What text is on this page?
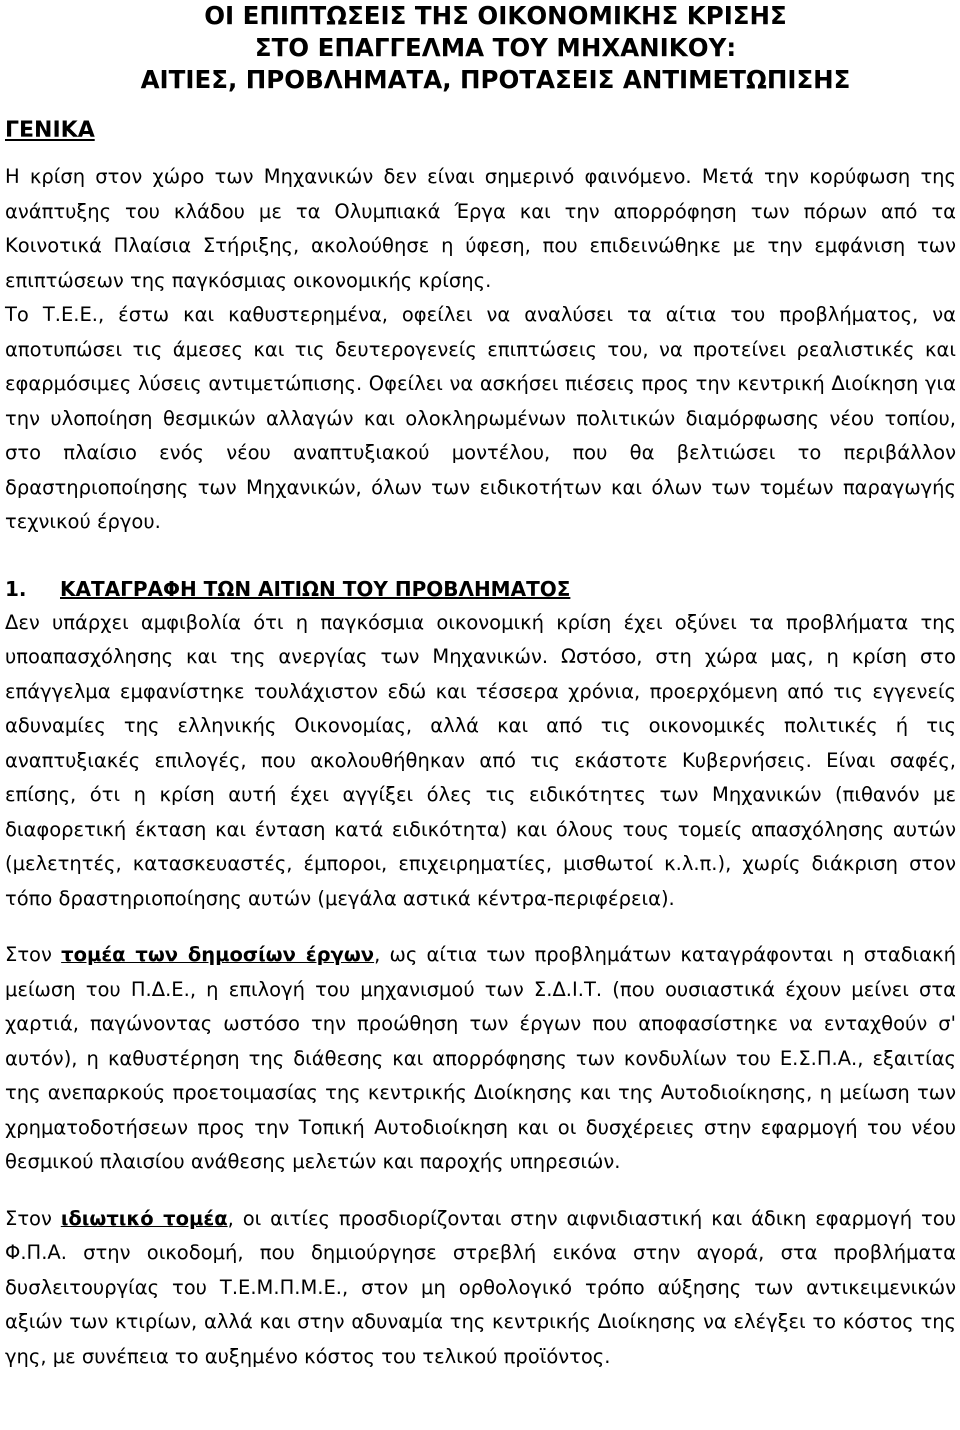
ΟΙ ΕΠΙΠΤΩΣΕΙΣ ΤΗΣ ΟΙΚΟΝΟΜΙΚΗΣ ΚΡΙΣΗΣ
ΣΤΟ ΕΠΑΓΓΕΛΜΑ ΤΟΥ ΜΗΧΑΝΙΚΟΥ:
ΑΙΤΙΕΣ, ΠΡΟΒΛΗΜΑΤΑ, ΠΡΟΤΑΣΕΙΣ ΑΝΤΙΜΕΤΩΠΙΣΗΣ
ΓΕΝΙΚΑ

Η κρίση στον χώρο των Μηχανικών δεν είναι σημερινό φαινόμενο. Μετά την κορύφωση της ανάπτυξης του κλάδου με τα Ολυμπιακά Έργα και την απορρόφηση των πόρων από τα Κοινοτικά Πλαίσια Στήριξης, ακολούθησε η ύφεση, που επιδεινώθηκε με την εμφάνιση των επιπτώσεων της παγκόσμιας οικονομικής κρίσης.

Το Τ.Ε.Ε., έστω και καθυστερημένα, οφείλει να αναλύσει τα αίτια του προβλήματος, να αποτυπώσει τις άμεσες και τις δευτερογενείς επιπτώσεις του, να προτείνει ρεαλιστικές και εφαρμόσιμες λύσεις αντιμετώπισης. Οφείλει να ασκήσει πιέσεις προς την κεντρική Διοίκηση για την υλοποίηση θεσμικών αλλαγών και ολοκληρωμένων πολιτικών διαμόρφωσης νέου τοπίου, στο πλαίσιο ενός νέου αναπτυξιακού μοντέλου, που θα βελτιώσει το περιβάλλον δραστηριοποίησης των Μηχανικών, όλων των ειδικοτήτων και όλων των τομέων παραγωγής τεχνικού έργου.

1. ΚΑΤΑΓΡΑΦΗ ΤΩΝ ΑΙΤΙΩΝ ΤΟΥ ΠΡΟΒΛΗΜΑΤΟΣ

Δεν υπάρχει αμφιβολία ότι η παγκόσμια οικονομική κρίση έχει οξύνει τα προβλήματα της υποαπασχόλησης και της ανεργίας των Μηχανικών. Ωστόσο, στη χώρα μας, η κρίση στο επάγγελμα εμφανίστηκε τουλάχιστον εδώ και τέσσερα χρόνια, προερχόμενη από τις εγγενείς αδυναμίες της ελληνικής Οικονομίας, αλλά και από τις οικονομικές πολιτικές ή τις αναπτυξιακές επιλογές, που ακολουθήθηκαν από τις εκάστοτε Κυβερνήσεις. Είναι σαφές, επίσης, ότι η κρίση αυτή έχει αγγίξει όλες τις ειδικότητες των Μηχανικών (πιθανόν με διαφορετική έκταση και ένταση κατά ειδικότητα) και όλους τους τομείς απασχόλησης αυτών (μελετητές, κατασκευαστές, έμποροι, επιχειρηματίες, μισθωτοί κ.λ.π.), χωρίς διάκριση στον τόπο δραστηριοποίησης αυτών (μεγάλα αστικά κέντρα-περιφέρεια).

Στον τομέα των δημοσίων έργων, ως αίτια των προβλημάτων καταγράφονται η σταδιακή μείωση του Π.Δ.Ε., η επιλογή του μηχανισμού των Σ.Δ.Ι.Τ. (που ουσιαστικά έχουν μείνει στα χαρτιά, παγώνοντας ωστόσο την προώθηση των έργων που αποφασίστηκε να ενταχθούν σ' αυτόν), η καθυστέρηση της διάθεσης και απορρόφησης των κονδυλίων του Ε.Σ.Π.Α., εξαιτίας της ανεπαρκούς προετοιμασίας της κεντρικής Διοίκησης και της Αυτοδιοίκησης, η μείωση των χρηματοδοτήσεων προς την Τοπική Αυτοδιοίκηση και οι δυσχέρειες στην εφαρμογή του νέου θεσμικού πλαισίου ανάθεσης μελετών και παροχής υπηρεσιών.

Στον ιδιωτικό τομέα, οι αιτίες προσδιορίζονται στην αιφνιδιαστική και άδικη εφαρμογή του Φ.Π.Α. στην οικοδομή, που δημιούργησε στρεβλή εικόνα στην αγορά, στα προβλήματα δυσλειτουργίας του Τ.Ε.Μ.Π.Μ.Ε., στον μη ορθολογικό τρόπο αύξησης των αντικειμενικών αξιών των κτιρίων, αλλά και στην αδυναμία της κεντρικής Διοίκησης να ελέγξει το κόστος της γης, με συνέπεια το αυξημένο κόστος του τελικού προϊόντος.
